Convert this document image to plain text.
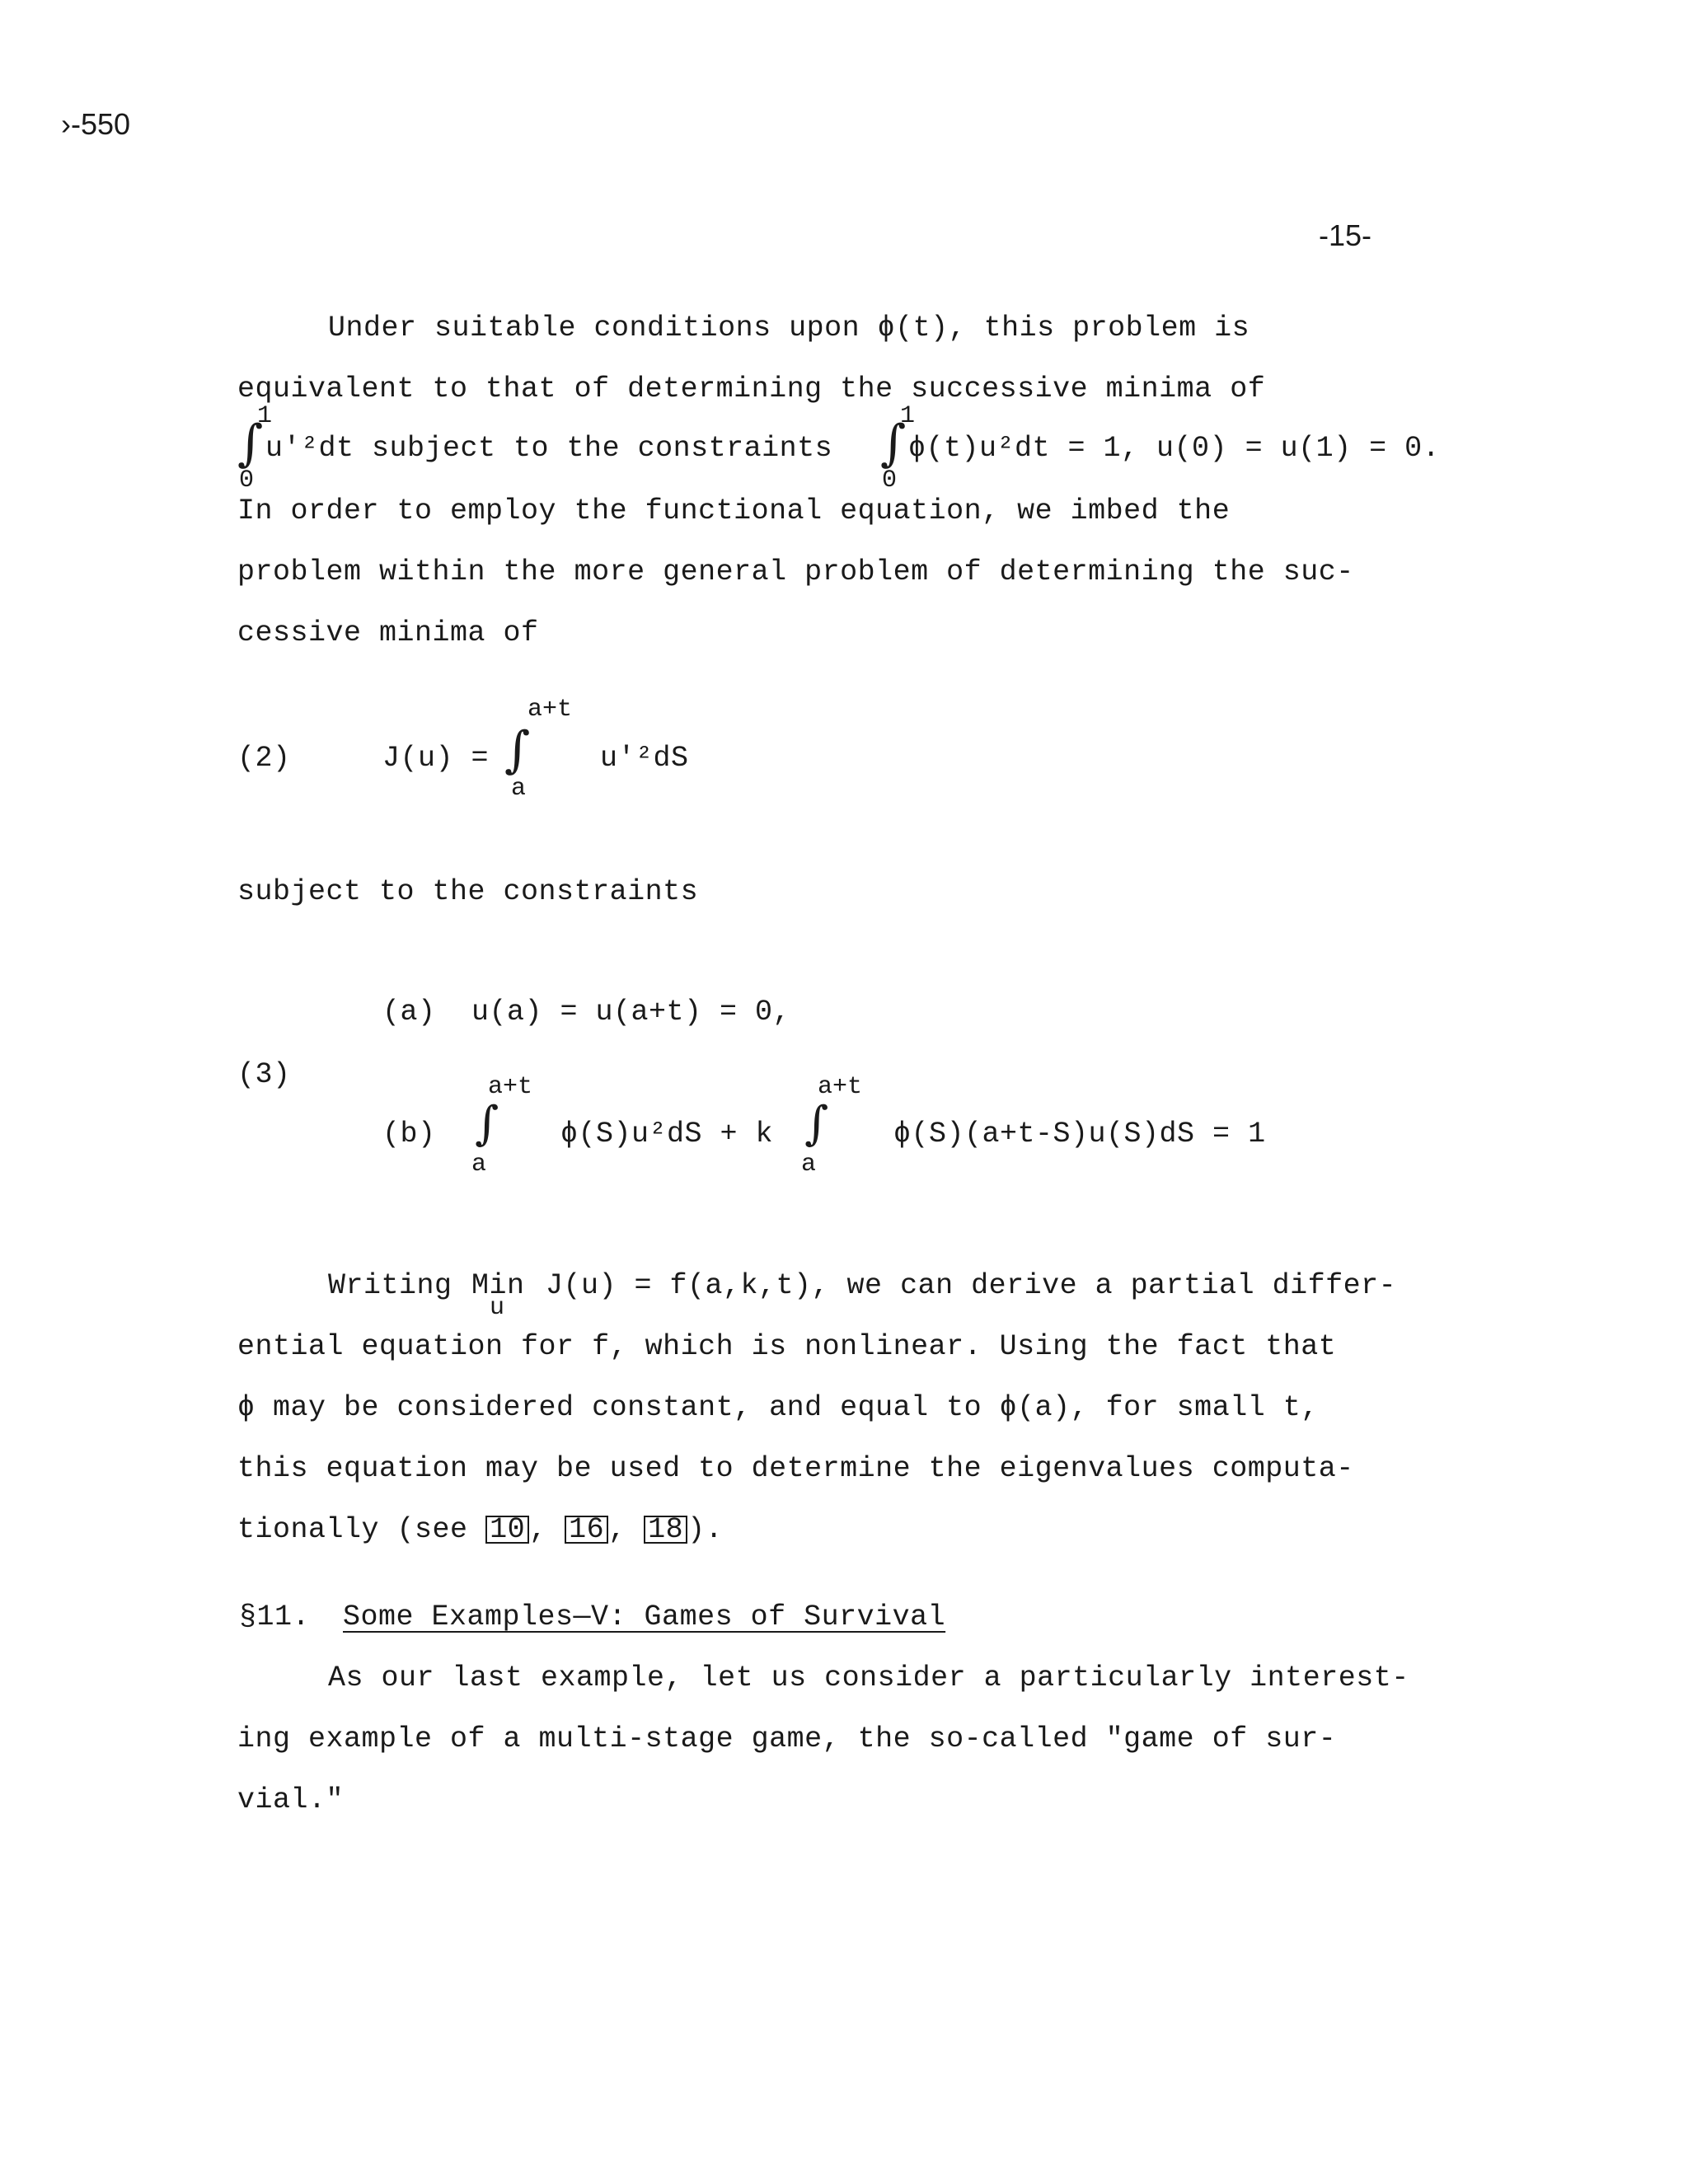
›-550
-15-
Under suitable conditions upon ϕ(t), this problem is
equivalent to that of determining the successive minima of
1
∫
0
u'²dt subject to the constraints
1
∫
0
ϕ(t)u²dt = 1, u(0) = u(1) = 0.
In order to employ the functional equation, we imbed the
problem within the more general problem of determining the suc-
cessive minima of
(2)	J(u) =
a+t
∫
a
u'²dS
subject to the constraints
(3)
(a) u(a) = u(a+t) = 0,
(b)
a+t
∫
a
ϕ(S)u²dS + k
a+t
∫
a
ϕ(S)(a+t-S)u(S)dS = 1
Writing Min
u
J(u) = f(a,k,t), we can derive a partial differ-
ential equation for f, which is nonlinear. Using the fact that
ϕ may be considered constant, and equal to ϕ(a), for small t,
this equation may be used to determine the eigenvalues computa-
tionally (see 10 , 16 , 18 ).
§11. Some Examples—V: Games of Survival
As our last example, let us consider a particularly interest-
ing example of a multi-stage game, the so-called "game of sur-
vial."
